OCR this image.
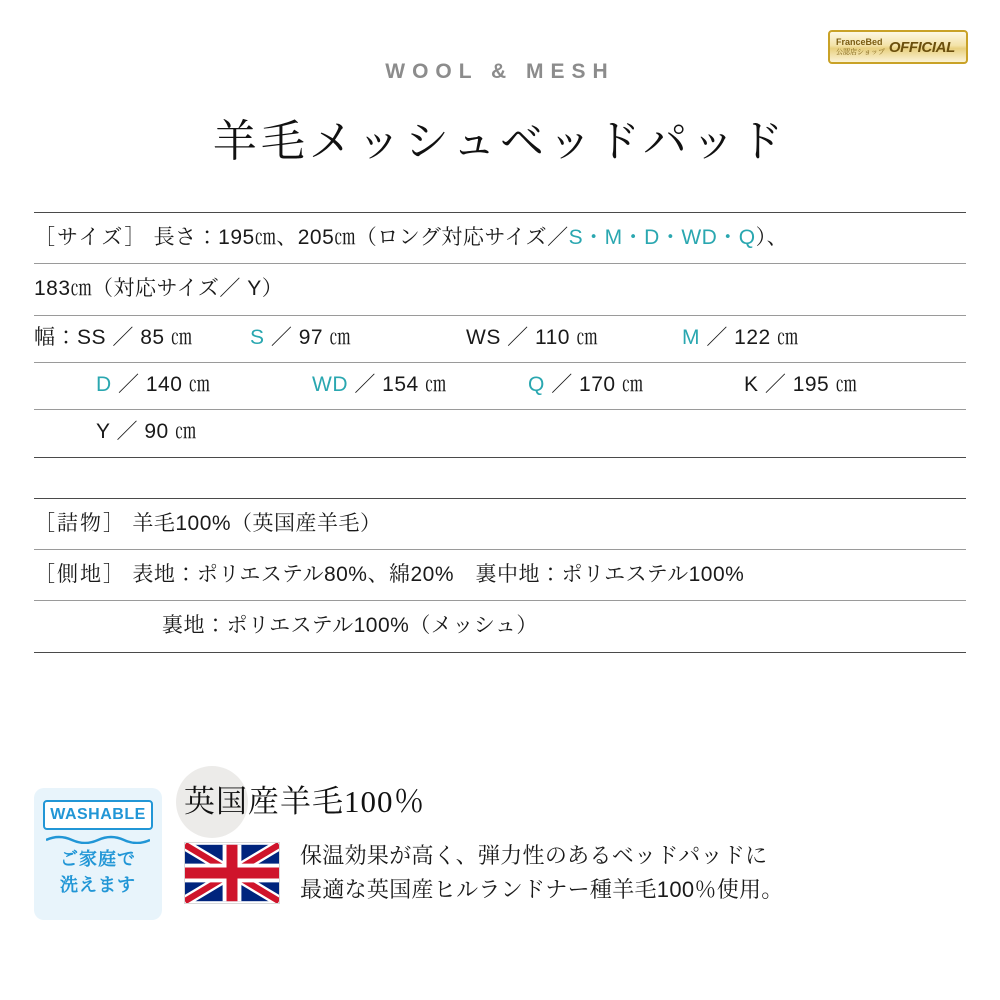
FranceBed
公認店ショップ OFFICIAL
WOOL & MESH
羊毛メッシュベッドパッド
［サイズ］ 長さ：195㎝、205㎝（ロング対応サイズ／S・M・D・WD・Q）、
183㎝（対応サイズ／ Y）
幅：SS ／ 85 ㎝	S ／ 97 ㎝	WS ／ 110 ㎝	M ／ 122 ㎝
D ／ 140 ㎝	WD ／ 154 ㎝	Q ／ 170 ㎝	K ／ 195 ㎝
Y ／ 90 ㎝
［詰物］ 羊毛100%（英国産羊毛）
［側地］ 表地：ポリエステル80%、綿20%　裏中地：ポリエステル100%
裏地：ポリエステル100%（メッシュ）
WASHABLE
ご家庭で
洗えます
英国産羊毛100％
保温効果が高く、弾力性のあるベッドパッドに
最適な英国産ヒルランドナー種羊毛100％使用。
